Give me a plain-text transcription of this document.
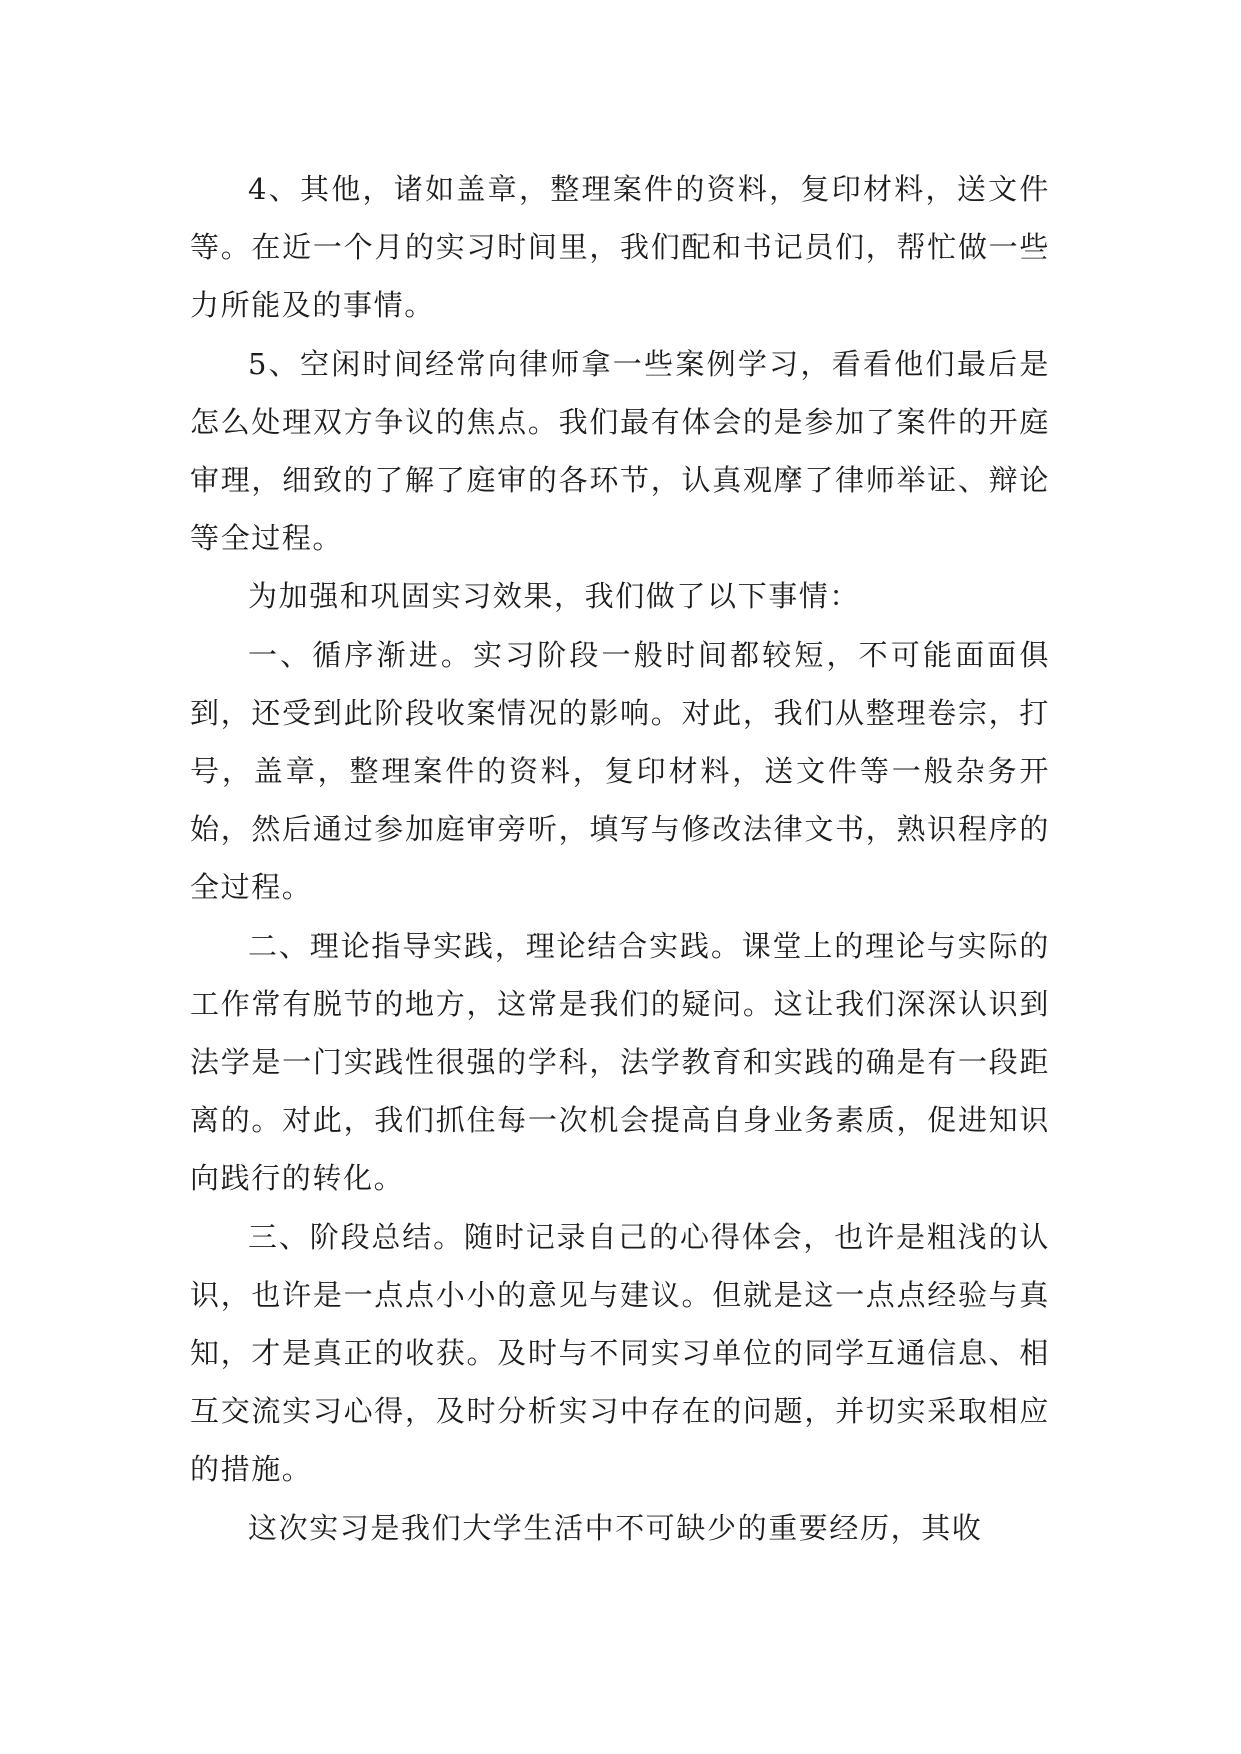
4、其他，诸如盖章，整理案件的资料，复印材料，送文件等。在近一个月的实习时间里，我们配和书记员们，帮忙做一些力所能及的事情。

5、空闲时间经常向律师拿一些案例学习，看看他们最后是怎么处理双方争议的焦点。我们最有体会的是参加了案件的开庭审理，细致的了解了庭审的各环节，认真观摩了律师举证、辩论等全过程。

为加强和巩固实习效果，我们做了以下事情：

一、循序渐进。实习阶段一般时间都较短，不可能面面俱到，还受到此阶段收案情况的影响。对此，我们从整理卷宗，打号，盖章，整理案件的资料，复印材料，送文件等一般杂务开始，然后通过参加庭审旁听，填写与修改法律文书，熟识程序的全过程。

二、理论指导实践，理论结合实践。课堂上的理论与实际的工作常有脱节的地方，这常是我们的疑问。这让我们深深认识到法学是一门实践性很强的学科，法学教育和实践的确是有一段距离的。对此，我们抓住每一次机会提高自身业务素质，促进知识向践行的转化。

三、阶段总结。随时记录自己的心得体会，也许是粗浅的认识，也许是一点点小小的意见与建议。但就是这一点点经验与真知，才是真正的收获。及时与不同实习单位的同学互通信息、相互交流实习心得，及时分析实习中存在的问题，并切实采取相应的措施。

这次实习是我们大学生活中不可缺少的重要经历，其收
